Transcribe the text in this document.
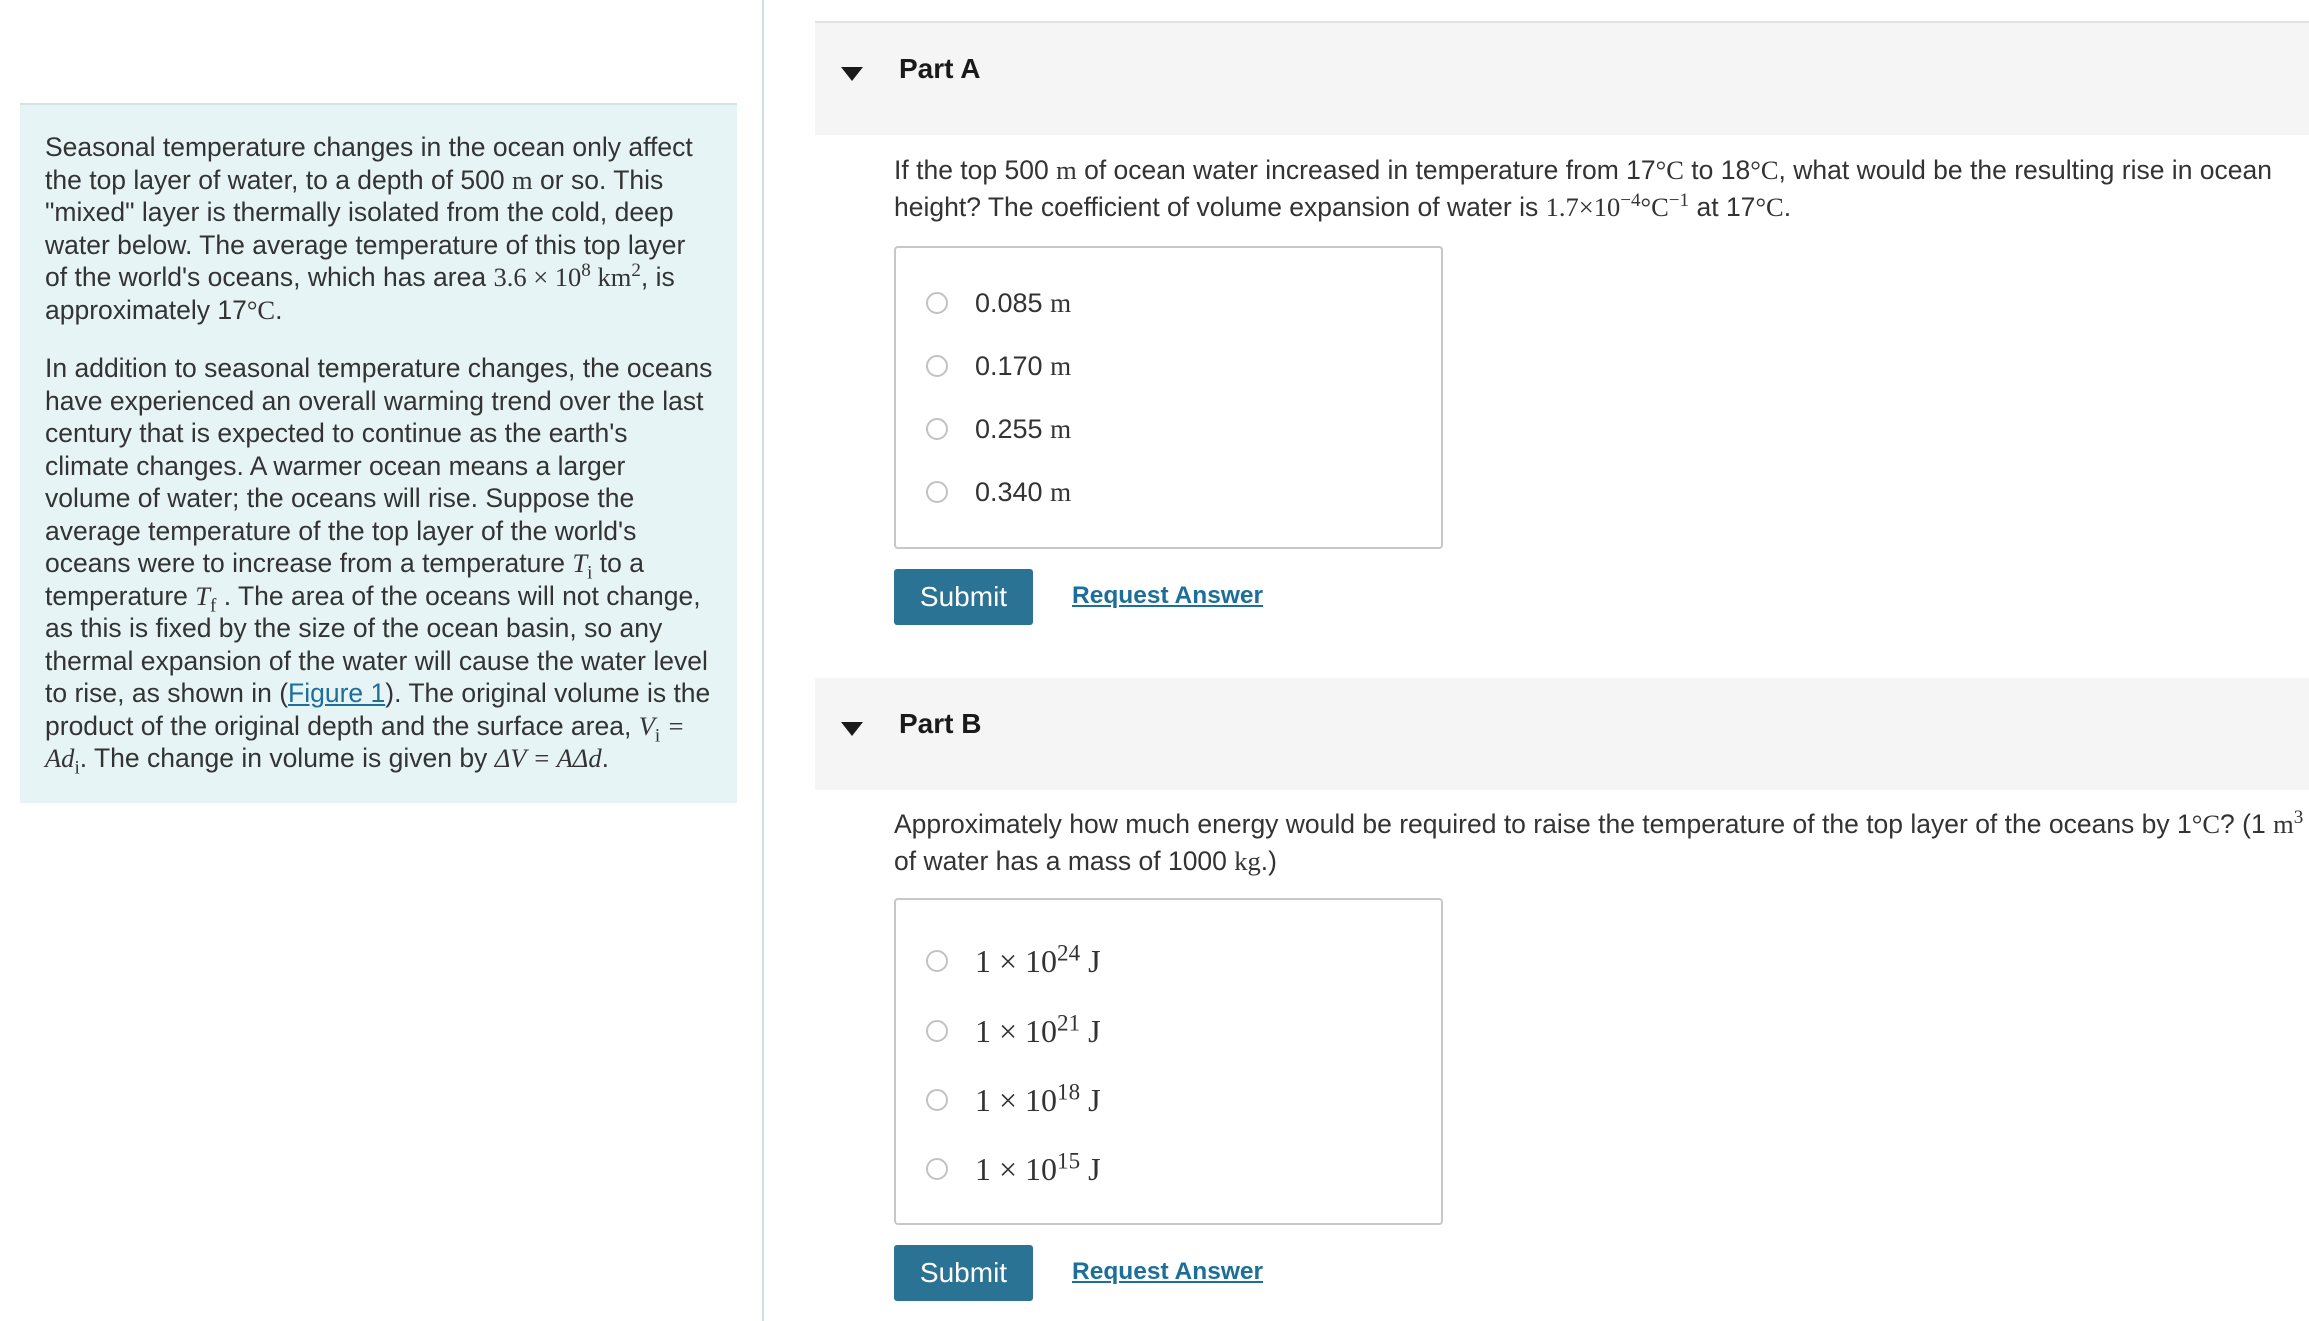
Seasonal temperature changes in the ocean only affect the top layer of water, to a depth of 500 m or so. This "mixed" layer is thermally isolated from the cold, deep water below. The average temperature of this top layer of the world's oceans, which has area $3.6 \times 10^8$ $km^2$, is approximately 17°C.

In addition to seasonal temperature changes, the oceans have experienced an overall warming trend over the last century that is expected to continue as the earth's climate changes. A warmer ocean means a larger volume of water; the oceans will rise. Suppose the average temperature of the top layer of the world's oceans were to increase from a temperature $T_i$ to a temperature $T_f$ . The area of the oceans will not change, as this is fixed by the size of the ocean basin, so any thermal expansion of the water will cause the water level to rise, as shown in (Figure 1). The original volume is the product of the original depth and the surface area, $V_i = Ad_i$. The change in volume is given by ΔV = AΔd.

Part A
If the top 500 m of ocean water increased in temperature from 17°C to 18°C, what would be the resulting rise in ocean height? The coefficient of volume expansion of water is $1.7\times 10^{-4}^\circ C^{-1}$ at 17°C.
0.085 m
0.170 m
0.255 m
0.340 m
Submit	Request Answer
Part B
Approximately how much energy would be required to raise the temperature of the top layer of the oceans by 1°C? (1 $m^3$ of water has a mass of 1000 kg.)
$1 \times 10^{24}$ J
$1 \times 10^{21}$ J
$1 \times 10^{18}$ J
$1 \times 10^{15}$ J
Submit	Request Answer
